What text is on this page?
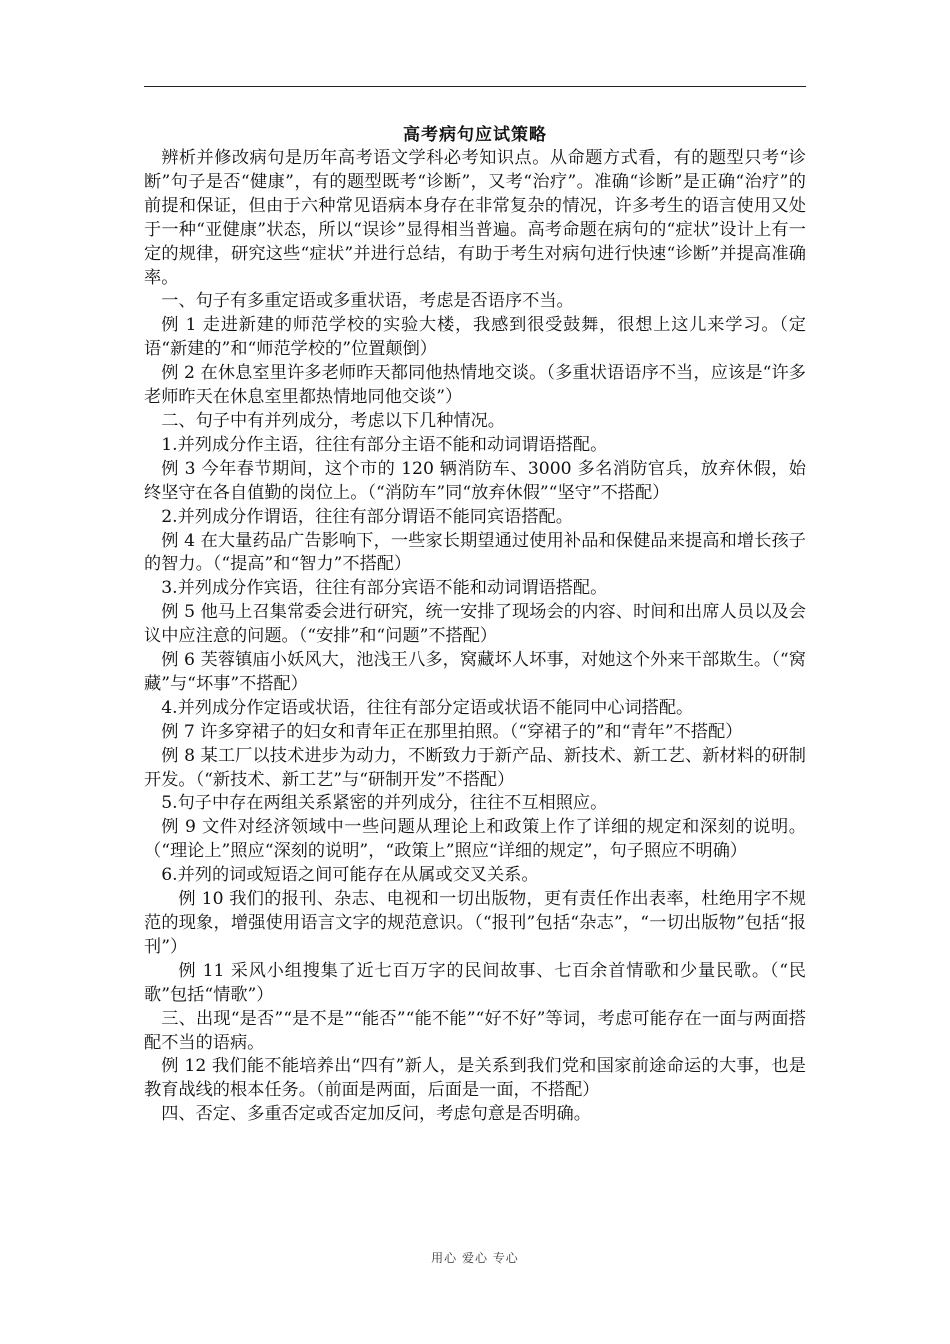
高考病句应试策略

辨析并修改病句是历年高考语文学科必考知识点。从命题方式看，有的题型只考“诊断”句子是否“健康”，有的题型既考“诊断”，又考“治疗”。准确“诊断”是正确“治疗”的前提和保证，但由于六种常见语病本身存在非常复杂的情况，许多考生的语言使用又处于一种“亚健康”状态，所以“误诊”显得相当普遍。高考命题在病句的“症状”设计上有一定的规律，研究这些“症状”并进行总结，有助于考生对病句进行快速“诊断”并提高准确率。

一、句子有多重定语或多重状语，考虑是否语序不当。

例 1 走进新建的师范学校的实验大楼，我感到很受鼓舞，很想上这儿来学习。（定语“新建的”和“师范学校的”位置颠倒）

例 2 在休息室里许多老师昨天都同他热情地交谈。（多重状语语序不当，应该是“许多老师昨天在休息室里都热情地同他交谈”）

二、句子中有并列成分，考虑以下几种情况。

1.并列成分作主语，往往有部分主语不能和动词谓语搭配。

例 3 今年春节期间，这个市的 120 辆消防车、3000 多名消防官兵，放弃休假，始终坚守在各自值勤的岗位上。（“消防车”同“放弃休假”“坚守”不搭配）

2.并列成分作谓语，往往有部分谓语不能同宾语搭配。

例 4 在大量药品广告影响下，一些家长期望通过使用补品和保健品来提高和增长孩子的智力。（“提高”和“智力”不搭配）

3.并列成分作宾语，往往有部分宾语不能和动词谓语搭配。

例 5 他马上召集常委会进行研究，统一安排了现场会的内容、时间和出席人员以及会议中应注意的问题。（“安排”和“问题”不搭配）

例 6 芙蓉镇庙小妖风大，池浅王八多，窝藏坏人坏事，对她这个外来干部欺生。（“窝藏”与“坏事”不搭配）

4.并列成分作定语或状语，往往有部分定语或状语不能同中心词搭配。

例 7 许多穿裙子的妇女和青年正在那里拍照。（“穿裙子的”和“青年”不搭配）

例 8 某工厂以技术进步为动力，不断致力于新产品、新技术、新工艺、新材料的研制开发。（“新技术、新工艺”与“研制开发”不搭配）

5.句子中存在两组关系紧密的并列成分，往往不互相照应。

例 9 文件对经济领域中一些问题从理论上和政策上作了详细的规定和深刻的说明。（“理论上”照应“深刻的说明”，“政策上”照应“详细的规定”，句子照应不明确）

6.并列的词或短语之间可能存在从属或交叉关系。

例 10 我们的报刊、杂志、电视和一切出版物，更有责任作出表率，杜绝用字不规范的现象，增强使用语言文字的规范意识。（“报刊”包括“杂志”，“一切出版物”包括“报刊”）

例 11 采风小组搜集了近七百万字的民间故事、七百余首情歌和少量民歌。（“民歌”包括“情歌”）

三、出现“是否”“是不是”“能否”“能不能”“好不好”等词，考虑可能存在一面与两面搭配不当的语病。

例 12 我们能不能培养出“四有”新人，是关系到我们党和国家前途命运的大事，也是教育战线的根本任务。（前面是两面，后面是一面，不搭配）

四、否定、多重否定或否定加反问，考虑句意是否明确。

用心 爱心 专心
